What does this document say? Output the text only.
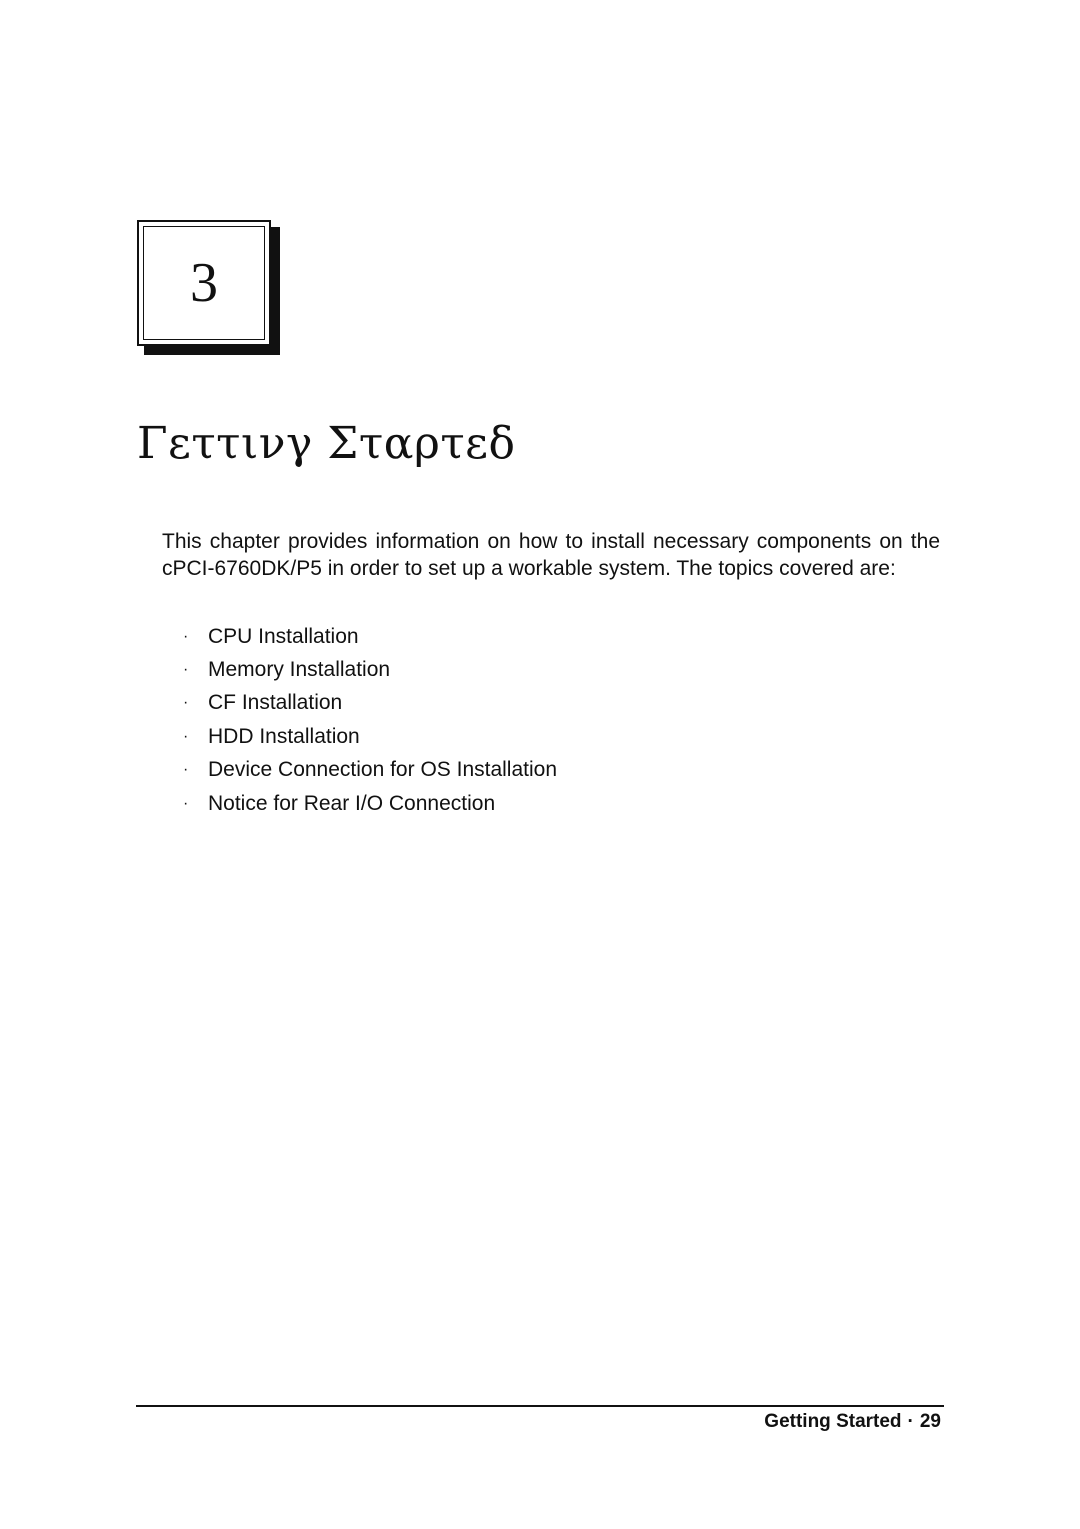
3
Γεττινγ Σταρτεδ

This chapter provides information on how to install necessary components on the cPCI-6760DK/P5 in order to set up a workable system. The topics covered are:

· CPU Installation
· Memory Installation
· CF Installation
· HDD Installation
· Device Connection for OS Installation
· Notice for Rear I/O Connection
Getting Started · 29
